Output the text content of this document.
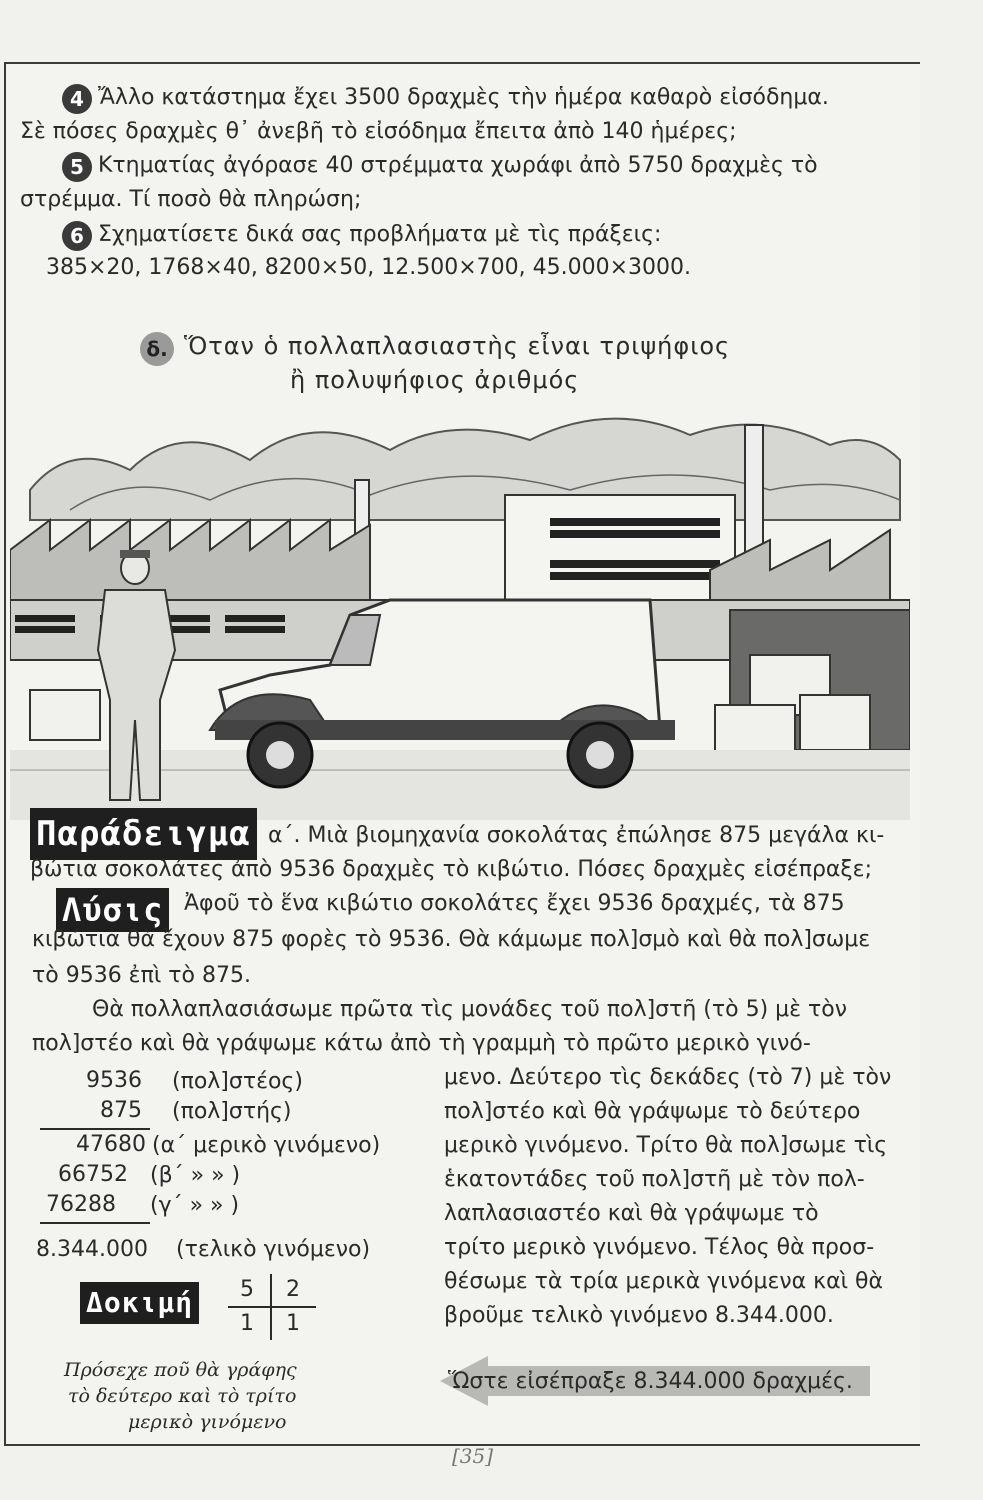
4 Ἄλλο κατάστημα ἔχει 3500 δραχμὲς τὴν ἡμέρα καθαρὸ εἰσόδημα.
Σὲ πόσες δραχμὲς θ᾽ ἀνεβῆ τὸ εἰσόδημα ἔπειτα ἀπὸ 140 ἡμέρες;
5 Κτηματίας ἀγόρασε 40 στρέμματα χωράφι ἀπὸ 5750 δραχμὲς τὸ
στρέμμα. Τί ποσὸ θὰ πληρώση;
6 Σχηματίσετε δικά σας προβλήματα μὲ τὶς πράξεις:
385×20, 1768×40, 8200×50, 12.500×700, 45.000×3000.
δ. Ὅταν ὁ πολλαπλασιαστὴς εἶναι τριψήφιος
ἢ πολυψήφιος ἀριθμός
Παράδειγμα α΄. Μιὰ βιομηχανία σοκολάτας ἐπώλησε 875 μεγάλα κι-
βώτια σοκολάτες ἀπὸ 9536 δραχμὲς τὸ κιβώτιο. Πόσες δραχμὲς εἰσέπραξε;
Λύσις Ἀφοῦ τὸ ἕνα κιβώτιο σοκολάτες ἔχει 9536 δραχμές, τὰ 875
κιβώτια θὰ ἔχουν 875 φορὲς τὸ 9536. Θὰ κάμωμε πολ]σμὸ καὶ θὰ πολ]σωμε
τὸ 9536 ἐπὶ τὸ 875.
Θὰ πολλαπλασιάσωμε πρῶτα τὶς μονάδες τοῦ πολ]στῆ (τὸ 5) μὲ τὸν
πολ]στέο καὶ θὰ γράψωμε κάτω ἀπὸ τὴ γραμμὴ τὸ πρῶτο μερικὸ γινό-
μενο. Δεύτερο τὶς δεκάδες (τὸ 7) μὲ τὸν
πολ]στέο καὶ θὰ γράψωμε τὸ δεύτερο
μερικὸ γινόμενο. Τρίτο θὰ πολ]σωμε τὶς
ἑκατοντάδες τοῦ πολ]στῆ μὲ τὸν πολ-
λαπλασιαστέο καὶ θὰ γράψωμε τὸ
τρίτο μερικὸ γινόμενο. Τέλος θὰ προσ-
θέσωμε τὰ τρία μερικὰ γινόμενα καὶ θὰ
βροῦμε τελικὸ γινόμενο 8.344.000.
9536 (πολ]στέος)
875 (πολ]στής)
47680 (α΄ μερικὸ γινόμενο)
66752 (β΄ » » )
76288 (γ΄ » » )
8.344.000 (τελικὸ γινόμενο)
Δοκιμή 5 2
1 1
Πρόσεχε ποῦ θὰ γράφης
τὸ δεύτερο καὶ τὸ τρίτο
μερικὸ γινόμενο
Ὥστε εἰσέπραξε 8.344.000 δραχμές.
[35]
